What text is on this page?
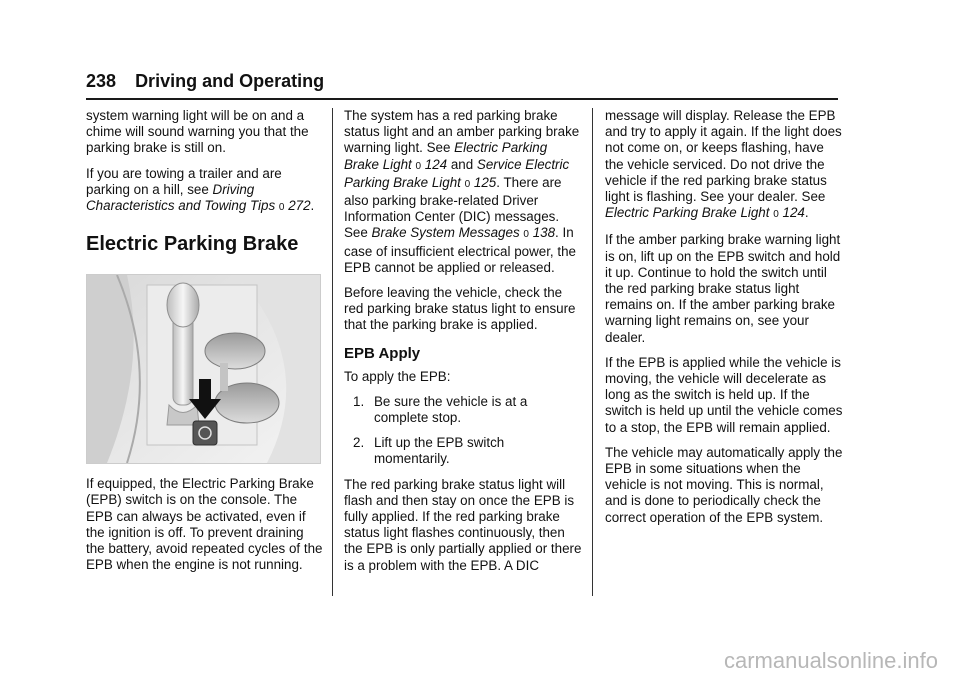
238 Driving and Operating

system warning light will be on and a chime will sound warning you that the parking brake is still on.

If you are towing a trailer and are parking on a hill, see Driving Characteristics and Towing Tips 0 272.

Electric Parking Brake

If equipped, the Electric Parking Brake (EPB) switch is on the console. The EPB can always be activated, even if the ignition is off. To prevent draining the battery, avoid repeated cycles of the EPB when the engine is not running.

The system has a red parking brake status light and an amber parking brake warning light. See Electric Parking Brake Light 0 124 and Service Electric Parking Brake Light 0 125. There are also parking brake-related Driver Information Center (DIC) messages. See Brake System Messages 0 138. In case of insufficient electrical power, the EPB cannot be applied or released.

Before leaving the vehicle, check the red parking brake status light to ensure that the parking brake is applied.

EPB Apply

To apply the EPB:

1. Be sure the vehicle is at a complete stop.
2. Lift up the EPB switch momentarily.

The red parking brake status light will flash and then stay on once the EPB is fully applied. If the red parking brake status light flashes continuously, then the EPB is only partially applied or there is a problem with the EPB. A DIC

message will display. Release the EPB and try to apply it again. If the light does not come on, or keeps flashing, have the vehicle serviced. Do not drive the vehicle if the red parking brake status light is flashing. See your dealer. See Electric Parking Brake Light 0 124.

If the amber parking brake warning light is on, lift up on the EPB switch and hold it up. Continue to hold the switch until the red parking brake status light remains on. If the amber parking brake warning light remains on, see your dealer.

If the EPB is applied while the vehicle is moving, the vehicle will decelerate as long as the switch is held up. If the switch is held up until the vehicle comes to a stop, the EPB will remain applied.

The vehicle may automatically apply the EPB in some situations when the vehicle is not moving. This is normal, and is done to periodically check the correct operation of the EPB system.

carmanualsonline.info
